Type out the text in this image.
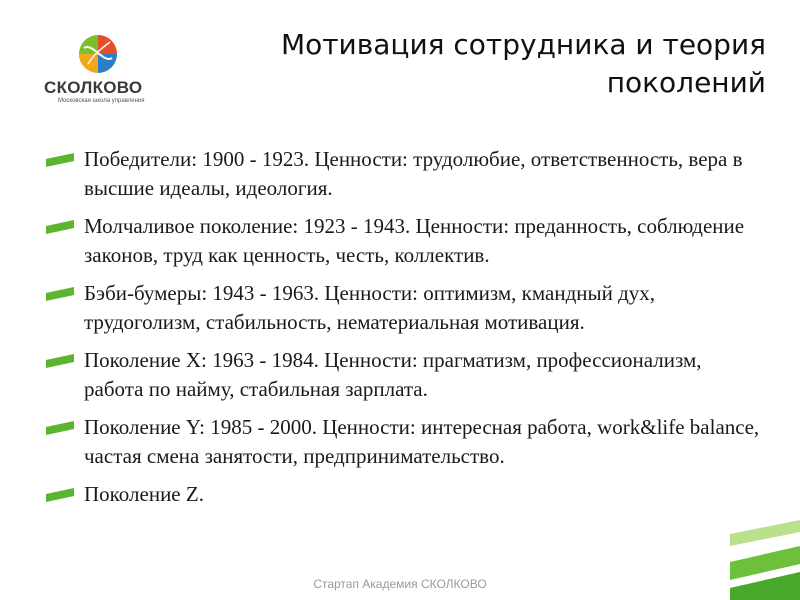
СКОЛКОВО
Московская школа управления
Мотивация сотрудника и теория поколений
Победители: 1900 - 1923. Ценности: трудолюбие, ответственность, вера в высшие идеалы, идеология.
Молчаливое поколение: 1923 - 1943. Ценности: преданность, соблюдение законов, труд как ценность, честь, коллектив.
Бэби-бумеры: 1943 - 1963. Ценности: оптимизм, кмандный дух, трудоголизм, стабильность, нематериальная мотивация.
Поколение X: 1963 - 1984. Ценности: прагматизм, профессионализм, работа по найму, стабильная зарплата.
Поколение Y: 1985 - 2000. Ценности: интересная работа, work&life balance, частая смена занятости, предпринимательство.
Поколение Z.
Стартап Академия СКОЛКОВО
